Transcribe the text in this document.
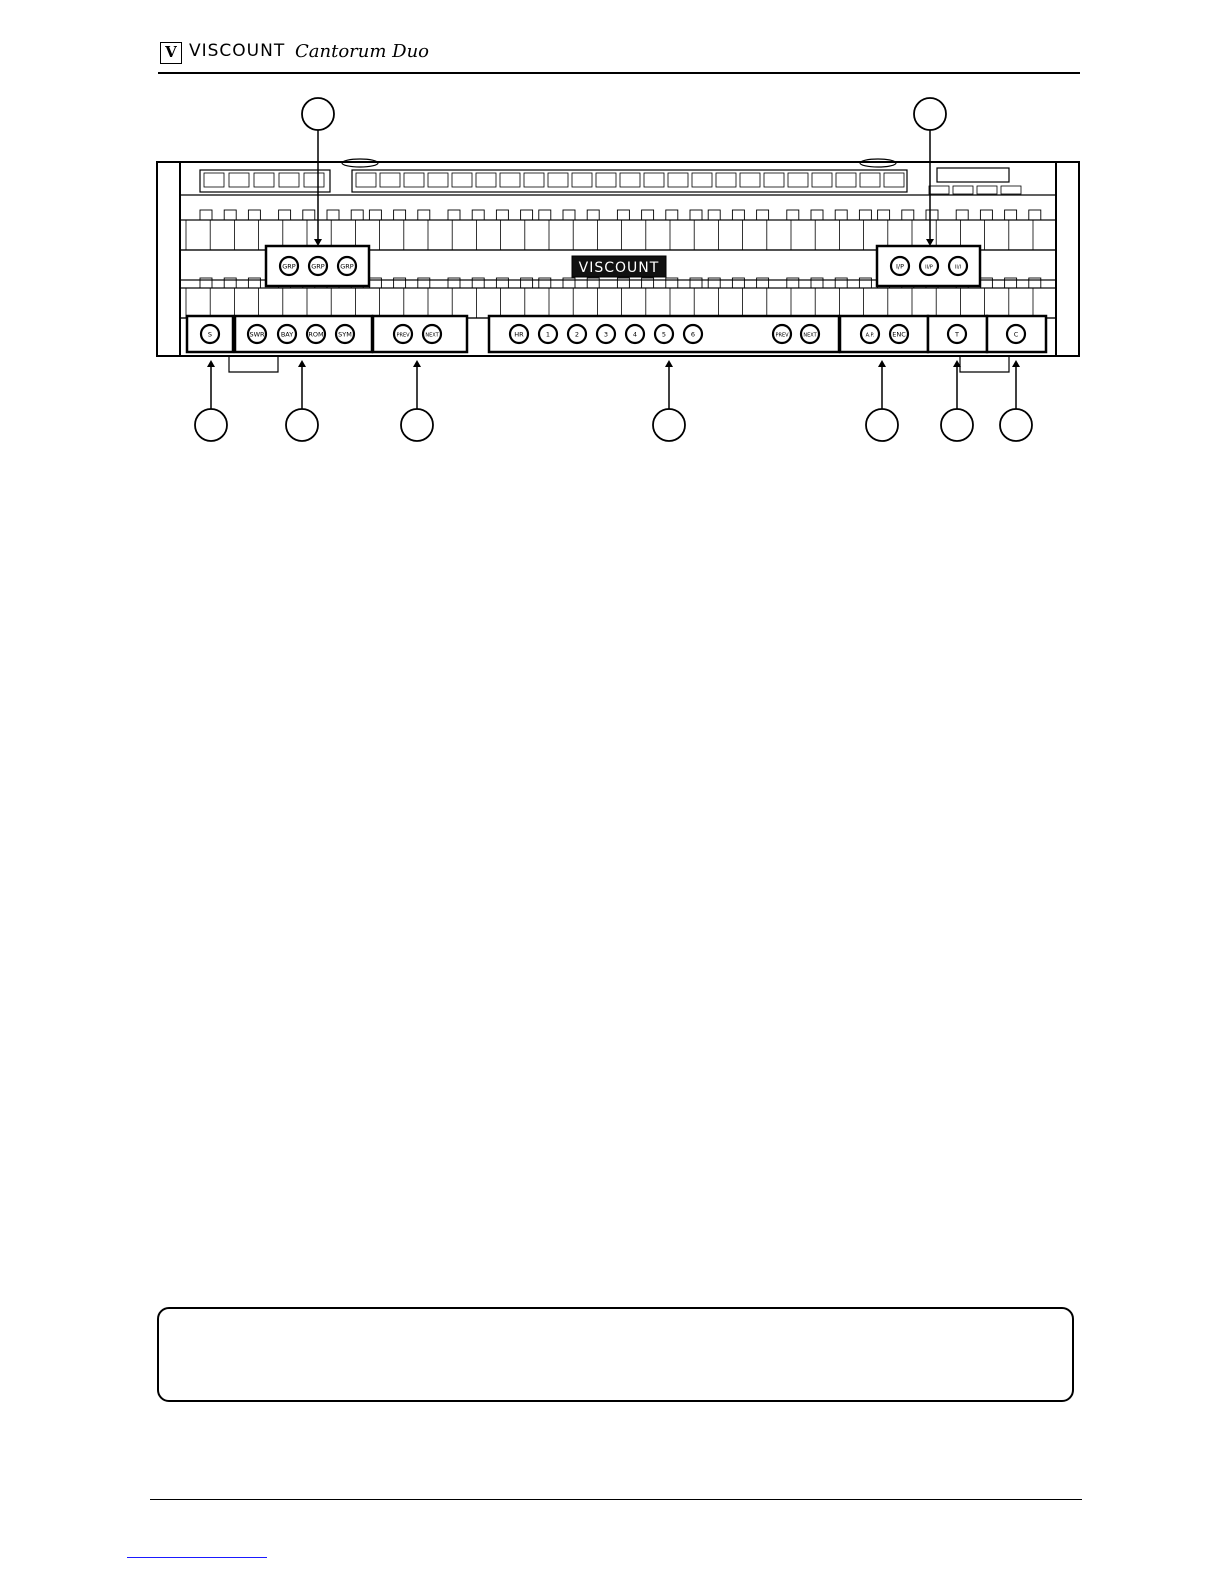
V VISCOUNT Cantorum Duo
GRP GRP GRP	I/P	II/P	II/I
S	SWR	BAY ROM SYM	PREV	NEXT	HR	1	2	3	4	5	6	PREV	NEXT	A.P.	ENC	T	C
VISCOUNT
